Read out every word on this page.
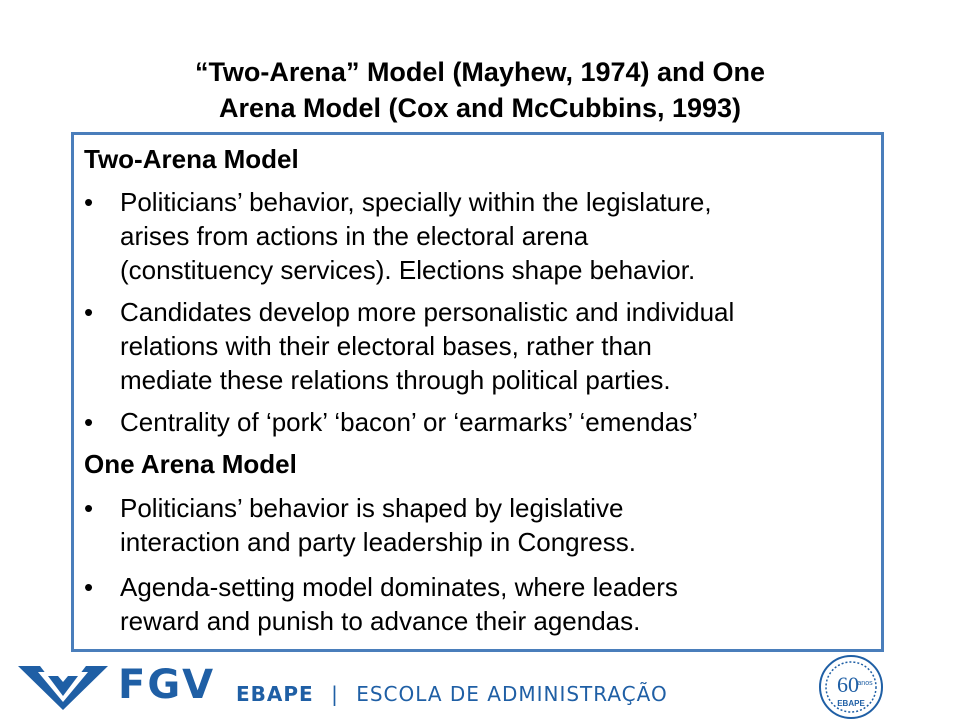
“Two-Arena” Model (Mayhew, 1974) and One
Arena Model (Cox and McCubbins, 1993)
Two-Arena Model
•	Politicians’ behavior, specially within the legislature,
arises from actions in the electoral arena
(constituency services). Elections shape behavior.
•	Candidates develop more personalistic and individual
relations with their electoral bases, rather than
mediate these relations through political parties.
•	Centrality of ‘pork’ ‘bacon’ or ‘earmarks’ ‘emendas’
One Arena Model
•	Politicians’ behavior is shaped by legislative
interaction and party leadership in Congress.
•	Agenda-setting model dominates, where leaders
reward and punish to advance their agendas.
FGV EBAPE | ESCOLA DE ADMINISTRAÇÃO	60
anos
EBAPE
